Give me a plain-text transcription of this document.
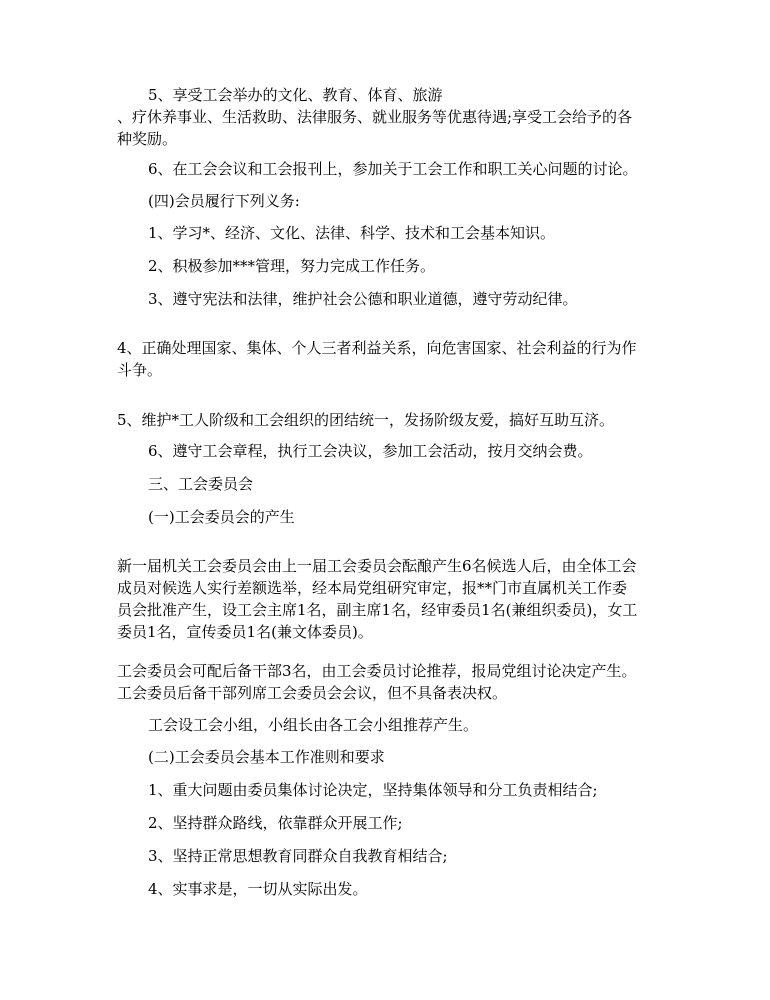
5、享受工会举办的文化、教育、体育、旅游
、疗休养事业、生活救助、法律服务、就业服务等优惠待遇;享受工会给予的各
种奖励。
6、在工会会议和工会报刊上，参加关于工会工作和职工关心问题的讨论。
(四)会员履行下列义务:
1、学习*、经济、文化、法律、科学、技术和工会基本知识。
2、积极参加***管理，努力完成工作任务。
3、遵守宪法和法律，维护社会公德和职业道德，遵守劳动纪律。
4、正确处理国家、集体、个人三者利益关系，向危害国家、社会利益的行为作
斗争。
5、维护*工人阶级和工会组织的团结统一，发扬阶级友爱，搞好互助互济。
6、遵守工会章程，执行工会决议，参加工会活动，按月交纳会费。
三、工会委员会
(一)工会委员会的产生
新一届机关工会委员会由上一届工会委员会酝酿产生6名候选人后，由全体工会
成员对候选人实行差额选举，经本局党组研究审定，报**门市直属机关工作委
员会批准产生，设工会主席1名，副主席1名，经审委员1名(兼组织委员)，女工
委员1名，宣传委员1名(兼文体委员)。
工会委员会可配后备干部3名，由工会委员讨论推荐，报局党组讨论决定产生。
工会委员后备干部列席工会委员会会议，但不具备表决权。
工会设工会小组，小组长由各工会小组推荐产生。
(二)工会委员会基本工作准则和要求
1、重大问题由委员集体讨论决定，坚持集体领导和分工负责相结合;
2、坚持群众路线，依靠群众开展工作;
3、坚持正常思想教育同群众自我教育相结合;
4、实事求是，一切从实际出发。
